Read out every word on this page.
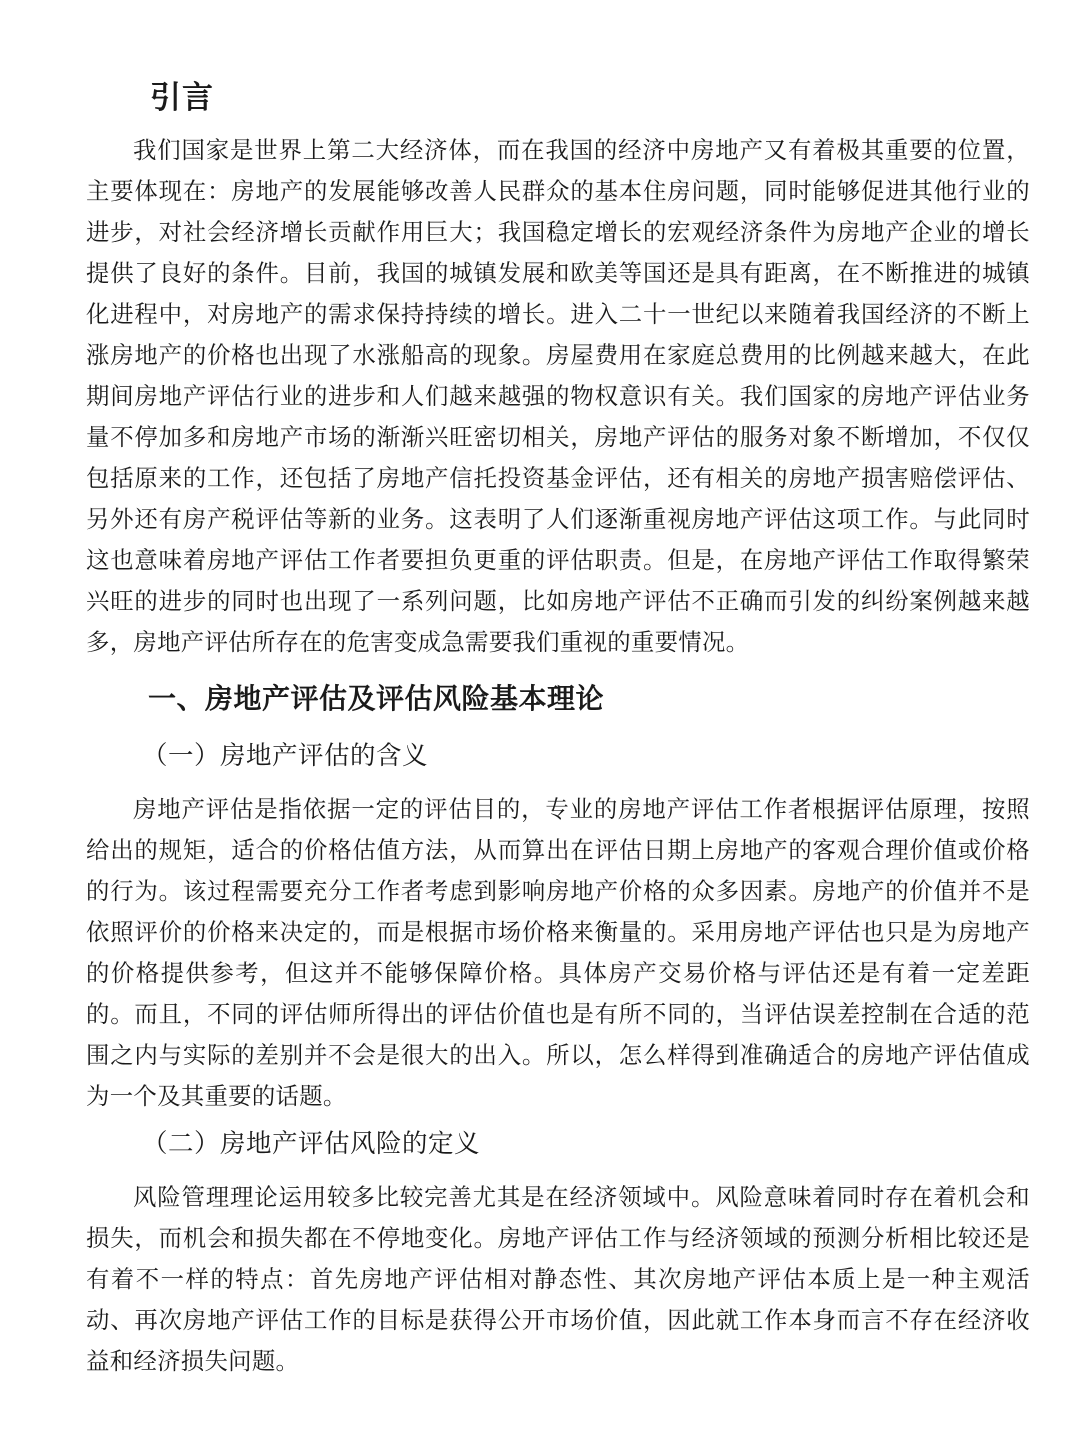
引言

我们国家是世界上第二大经济体，而在我国的经济中房地产又有着极其重要的位置，主要体现在：房地产的发展能够改善人民群众的基本住房问题，同时能够促进其他行业的进步，对社会经济增长贡献作用巨大；我国稳定增长的宏观经济条件为房地产企业的增长提供了良好的条件。目前，我国的城镇发展和欧美等国还是具有距离，在不断推进的城镇化进程中，对房地产的需求保持持续的增长。进入二十一世纪以来随着我国经济的不断上涨房地产的价格也出现了水涨船高的现象。房屋费用在家庭总费用的比例越来越大，在此期间房地产评估行业的进步和人们越来越强的物权意识有关。我们国家的房地产评估业务量不停加多和房地产市场的渐渐兴旺密切相关，房地产评估的服务对象不断增加，不仅仅包括原来的工作，还包括了房地产信托投资基金评估，还有相关的房地产损害赔偿评估、另外还有房产税评估等新的业务。这表明了人们逐渐重视房地产评估这项工作。与此同时这也意味着房地产评估工作者要担负更重的评估职责。但是，在房地产评估工作取得繁荣兴旺的进步的同时也出现了一系列问题，比如房地产评估不正确而引发的纠纷案例越来越多，房地产评估所存在的危害变成急需要我们重视的重要情况。

一、房地产评估及评估风险基本理论
（一）房地产评估的含义

房地产评估是指依据一定的评估目的，专业的房地产评估工作者根据评估原理，按照给出的规矩，适合的价格估值方法，从而算出在评估日期上房地产的客观合理价值或价格的行为。该过程需要充分工作者考虑到影响房地产价格的众多因素。房地产的价值并不是依照评价的价格来决定的，而是根据市场价格来衡量的。采用房地产评估也只是为房地产的价格提供参考，但这并不能够保障价格。具体房产交易价格与评估还是有着一定差距的。而且，不同的评估师所得出的评估价值也是有所不同的，当评估误差控制在合适的范围之内与实际的差别并不会是很大的出入。所以，怎么样得到准确适合的房地产评估值成为一个及其重要的话题。

（二）房地产评估风险的定义

风险管理理论运用较多比较完善尤其是在经济领域中。风险意味着同时存在着机会和损失，而机会和损失都在不停地变化。房地产评估工作与经济领域的预测分析相比较还是有着不一样的特点：首先房地产评估相对静态性、其次房地产评估本质上是一种主观活动、再次房地产评估工作的目标是获得公开市场价值，因此就工作本身而言不存在经济收益和经济损失问题。
